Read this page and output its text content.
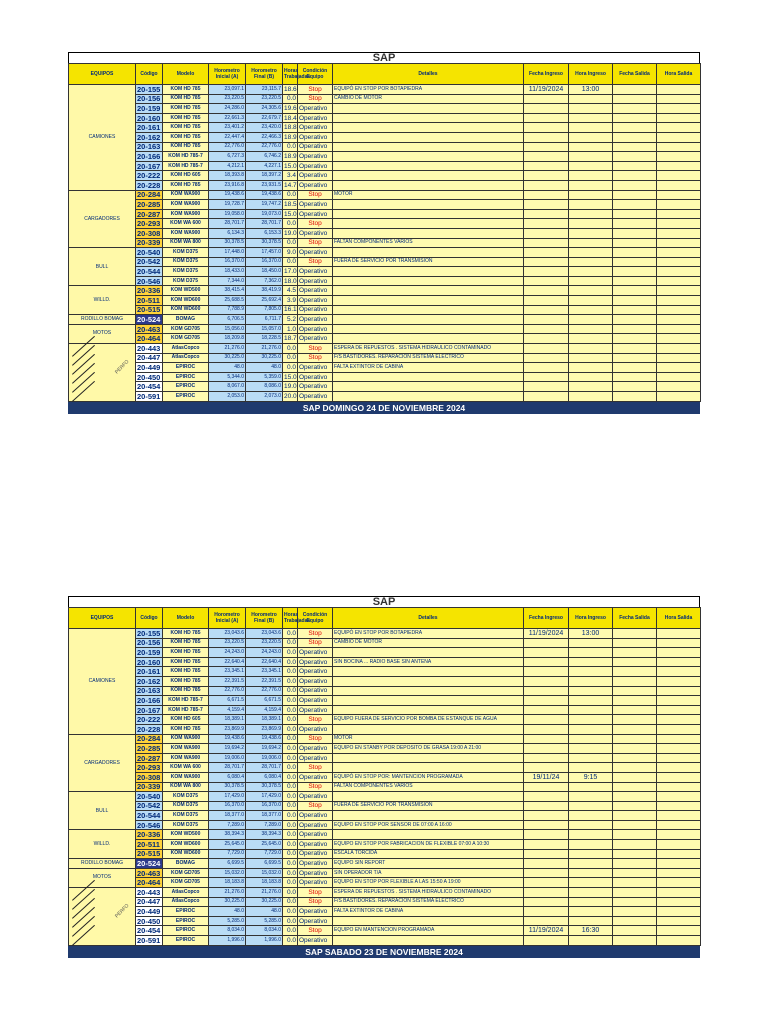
SAP
EQUIPOS	Código	Modelo	Horometro Inicial (A)	Horometro Final (B)	Horas Trabajadas	Condición Equipo	Detalles	Fecha Ingreso	Hora Ingreso	Fecha Salida	Hora Salida
CAMIONES	20-155	KOM HD 785	23,097.1	23,115.7	18.6	Stop	EQUIPÓ EN STOP POR BOTAPIEDRA	11/19/2024	13:00		
	20-156	KOM HD 785	23,220.5	23,220.5	0.0	Stop	CAMBIO DE MOTOR				
	20-159	KOM HD 785	24,286.0	24,305.6	19.6	Operativo					
	20-160	KOM HD 785	22,661.3	22,679.7	18.4	Operativo					
	20-161	KOM HD 785	23,401.2	23,420.0	18.8	Operativo					
	20-162	KOM HD 785	22,447.4	22,466.3	18.9	Operativo					
	20-163	KOM HD 785	22,776.0	22,776.0	0.0	Operativo					
	20-166	KOM HD 785-7	6,727.3	6,746.2	18.9	Operativo					
	20-167	KOM HD 785-7	4,212.1	4,227.1	15.0	Operativo					
	20-222	KOM HD 605	18,393.8	18,397.2	3.4	Operativo					
	20-228	KOM HD 785	23,916.8	23,931.5	14.7	Operativo					
CARGADORES	20-284	KOM WA900	19,438.6	19,438.6	0.0	Stop	MOTOR				
	20-285	KOM WA900	19,728.7	19,747.2	18.5	Operativo					
	20-287	KOM WA900	19,058.0	19,073.0	15.0	Operativo					
	20-293	KOM WA 600	28,701.7	28,701.7	0.0	Stop					
	20-308	KOM WA900	6,134.3	6,153.3	19.0	Operativo					
	20-339	KOM WA 800	30,378.5	30,378.5	0.0	Stop	FALTAN COMPONENTES VARIOS				
BULL	20-540	KOM D375	17,448.0	17,457.0	9.0	Operativo					
	20-542	KOM D375	16,370.0	16,370.0	0.0	Stop	FUERA DE SERVICIO POR TRANSMISION				
	20-544	KOM D375	18,433.0	18,450.0	17.0	Operativo					
	20-546	KOM D375	7,344.0	7,362.0	18.0	Operativo					
WILLD.	20-336	KOM WD500	38,415.4	38,419.9	4.5	Operativo					
	20-511	KOM WD600	25,688.5	25,692.4	3.9	Operativo					
	20-515	KOM WD600	7,788.9	7,805.0	16.1	Operativo					
RODILLO BOMAG	20-524	BOMAG	6,706.5	6,711.7	5.2	Operativo					
MOTOS	20-463	KOM GD705	15,056.0	15,057.0	1.0	Operativo					
	20-464	KOM GD705	18,209.8	18,228.5	18.7	Operativo					

PERFO	20-443	AtlasCopco	21,276.0	21,276.0	0.0	Stop	ESPERA DE REPUESTOS . SISTEMA HIDRAULICO CONTAMINADO				
	20-447	AtlasCopco	30,225.0	30,225.0	0.0	Stop	F/S BASTIDORES. REPARACION SISTEMA ELECTRICO				
	20-449	EPIROC	48.0	48.0	0.0	Operativo	FALTA EXTINTOR DE CABINA				
	20-450	EPIROC	5,344.0	5,359.0	15.0	Operativo					
	20-454	EPIROC	8,067.0	8,086.0	19.0	Operativo					
	20-591	EPIROC	2,053.0	2,073.0	20.0	Operativo					
SAP DOMINGO 24 DE NOVIEMBRE 2024
SAP
EQUIPOS	Código	Modelo	Horometro Inicial (A)	Horometro Final (B)	Horas Trabajadas	Condición Equipo	Detalles	Fecha Ingreso	Hora Ingreso	Fecha Salida	Hora Salida
CAMIONES	20-155	KOM HD 785	23,043.6	23,043.6	0.0	Stop	EQUIPÓ EN STOP POR BOTAPIEDRA	11/19/2024	13:00		
	20-156	KOM HD 785	23,220.5	23,220.5	0.0	Stop	CAMBIO DE MOTOR				
	20-159	KOM HD 785	24,243.0	24,243.0	0.0	Operativo					
	20-160	KOM HD 785	22,640.4	22,640.4	0.0	Operativo	SIN BOCINA ... RADIO BASE SIN ANTENA				
	20-161	KOM HD 785	23,345.1	23,345.1	0.0	Operativo					
	20-162	KOM HD 785	22,391.5	22,391.5	0.0	Operativo					
	20-163	KOM HD 785	22,776.0	22,776.0	0.0	Operativo					
	20-166	KOM HD 785-7	6,671.5	6,671.5	0.0	Operativo					
	20-167	KOM HD 785-7	4,159.4	4,159.4	0.0	Operativo					
	20-222	KOM HD 605	18,389.1	18,389.1	0.0	Stop	EQUIPO FUERA DE SERVICIO POR BOMBA DE ESTANQUE DE AGUA				
	20-228	KOM HD 785	23,869.9	23,869.9	0.0	Operativo					
CARGADORES	20-284	KOM WA900	19,438.6	19,438.6	0.0	Stop	MOTOR				
	20-285	KOM WA900	19,694.2	19,694.2	0.0	Operativo	EQUIPO EN STANBY POR DEPOSITO DE GRASA 19:00 A 21:00				
	20-287	KOM WA900	19,006.0	19,006.0	0.0	Operativo					
	20-293	KOM WA 600	28,701.7	28,701.7	0.0	Stop					
	20-308	KOM WA900	6,080.4	6,080.4	0.0	Operativo	EQUIPÓ EN STOP POR: MANTENCION PROGRAMADA	19/11/24	9:15		
	20-339	KOM WA 800	30,378.5	30,378.5	0.0	Stop	FALTAN COMPONENTES VARIOS				
BULL	20-540	KOM D375	17,429.0	17,429.0	0.0	Operativo					
	20-542	KOM D375	16,370.0	16,370.0	0.0	Stop	FUERA DE SERVICIO POR TRANSMISION				
	20-544	KOM D375	18,377.0	18,377.0	0.0	Operativo					
	20-546	KOM D375	7,289.0	7,289.0	0.0	Operativo	EQUIPO EN STOP POR SENSOR DE 07:00 A 16:00				
WILLD.	20-336	KOM WD500	38,394.3	38,394.3	0.0	Operativo					
	20-511	KOM WD600	25,645.0	25,645.0	0.0	Operativo	EQUIPO EN STOP POR FABRICACION DE FLEXIBLE 07:00 A 10:30				
	20-515	KOM WD600	7,729.0	7,729.0	0.0	Operativo	ESCALA TORCIDA				
RODILLO BOMAG	20-524	BOMAG	6,699.5	6,699.5	0.0	Operativo	EQUIPO SIN REPORT				
MOTOS	20-463	KOM GD705	15,032.0	15,032.0	0.0	Operativo	SIN OPERADOR T/A				
	20-464	KOM GD705	18,183.8	18,183.8	0.0	Operativo	EQUIPO EN STOP POR FLEXIBLE A LAS 15:50 A 19:00				

PERFO	20-443	AtlasCopco	21,276.0	21,276.0	0.0	Stop	ESPERA DE REPUESTOS . SISTEMA HIDRAULICO CONTAMINADO				
	20-447	AtlasCopco	30,225.0	30,225.0	0.0	Stop	F/S BASTIDORES. REPARACION SISTEMA ELECTRICO				
	20-449	EPIROC	48.0	48.0	0.0	Operativo	FALTA EXTINTOR DE CABINA				
	20-450	EPIROC	5,285.0	5,285.0	0.0	Operativo					
	20-454	EPIROC	8,034.0	8,034.0	0.0	Stop	EQUIPO EN MANTENCION PROGRAMADA	11/19/2024	16:30		
	20-591	EPIROC	1,996.0	1,996.0	0.0	Operativo					
SAP SABADO 23 DE NOVIEMBRE 2024
